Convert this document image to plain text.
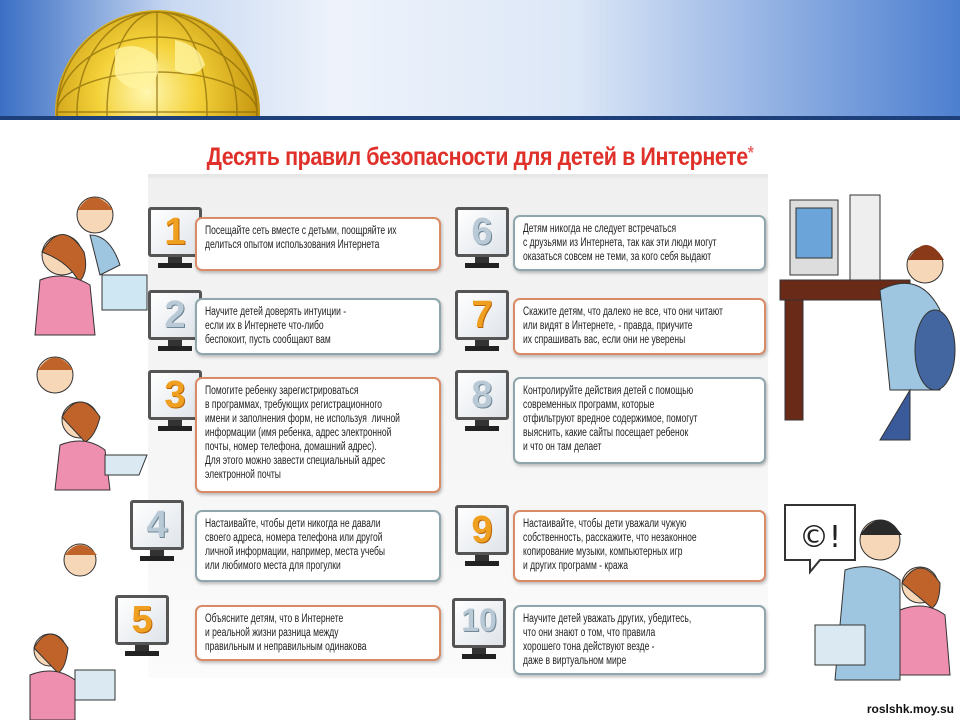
Десять правил безопасности для детей в Интернете*
1	Посещайте сеть вместе с детьми, поощряйте их
делиться опытом использования Интернета
2	Научите детей доверять интуиции -
если их в Интернете что-либо
беспокоит, пусть сообщают вам
3	Помогите ребенку зарегистрироваться
в программах, требующих регистрационного
имени и заполнения форм, не используя  личной
информации (имя ребенка, адрес электронной
почты, номер телефона, домашний адрес).
Для этого можно завести специальный адрес
электронной почты
4	Настаивайте, чтобы дети никогда не давали
своего адреса, номера телефона или другой
личной информации, например, места учебы
или любимого места для прогулки
5	Объясните детям, что в Интернете
и реальной жизни разница между
правильным и неправильным одинакова
6	Детям никогда не следует встречаться
с друзьями из Интернета, так как эти люди могут
оказаться совсем не теми, за кого себя выдают
7	Скажите детям, что далеко не все, что они читают
или видят в Интернете, - правда, приучите
их спрашивать вас, если они не уверены
8	Контролируйте действия детей с помощью
современных программ, которые
отфильтруют вредное содержимое, помогут
выяснить, какие сайты посещает ребенок
и что он там делает
9	Настаивайте, чтобы дети уважали чужую
собственность, расскажите, что незаконное
копирование музыки, компьютерных игр
и других программ - кража
10	Научите детей уважать других, убедитесь,
что они знают о том, что правила
хорошего тона действуют везде -
даже в виртуальном мире
©!
roslshk.moy.su
